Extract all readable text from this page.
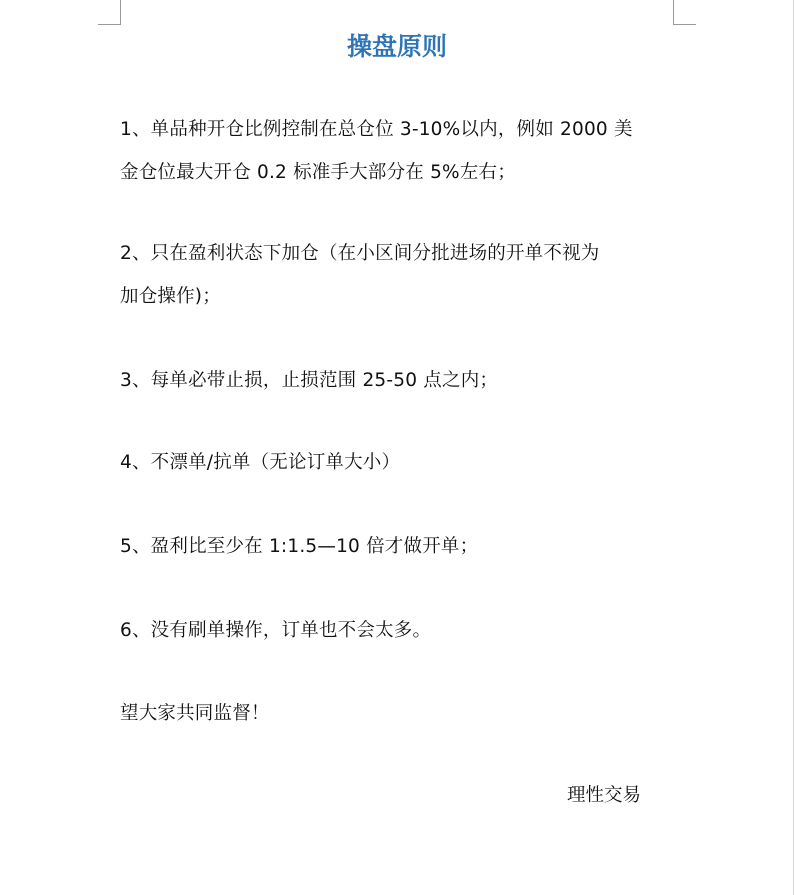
操盘原则
1、单品种开仓比例控制在总仓位 3-10%以内，例如 2000 美
金仓位最大开仓 0.2 标准手大部分在 5%左右；
2、只在盈利状态下加仓（在小区间分批进场的开单不视为
加仓操作)；
3、每单必带止损，止损范围 25-50 点之内；
4、不漂单/抗单（无论订单大小）
5、盈利比至少在 1:1.5—10 倍才做开单；
6、没有刷单操作，订单也不会太多。
望大家共同监督！
理性交易
